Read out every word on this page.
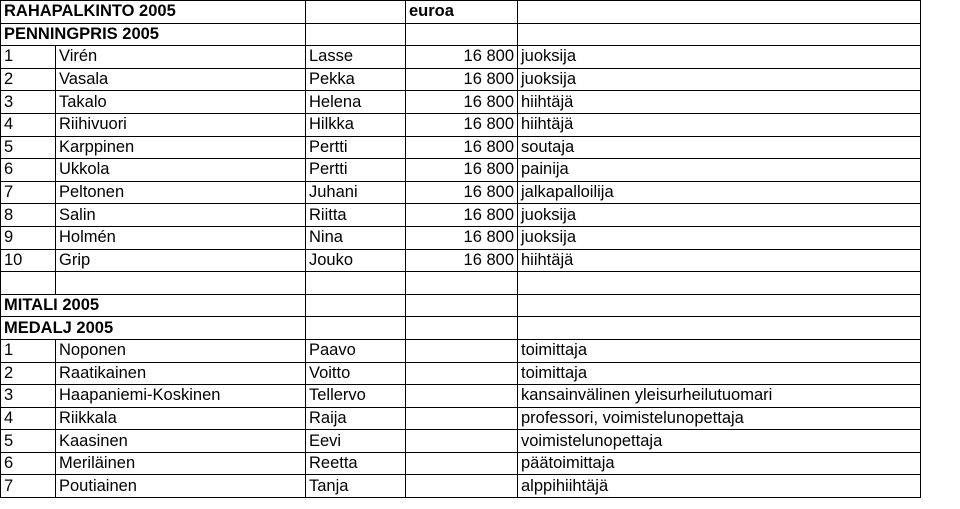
RAHAPALKINTO 2005			euroa	
PENNINGPRIS 2005				
1	Virén	Lasse	16 800	juoksija
2	Vasala	Pekka	16 800	juoksija
3	Takalo	Helena	16 800	hiihtäjä
4	Riihivuori	Hilkka	16 800	hiihtäjä
5	Karppinen	Pertti	16 800	soutaja
6	Ukkola	Pertti	16 800	painija
7	Peltonen	Juhani	16 800	jalkapalloilija
8	Salin	Riitta	16 800	juoksija
9	Holmén	Nina	16 800	juoksija
10	Grip	Jouko	16 800	hiihtäjä

MITALI 2005				
MEDALJ 2005				
1	Noponen	Paavo		toimittaja
2	Raatikainen	Voitto		toimittaja
3	Haapaniemi-Koskinen	Tellervo		kansainvälinen yleisurheilutuomari
4	Riikkala	Raija		professori, voimistelunopettaja
5	Kaasinen	Eevi		voimistelunopettaja
6	Meriläinen	Reetta		päätoimittaja
7	Poutiainen	Tanja		alppihiihtäjä
